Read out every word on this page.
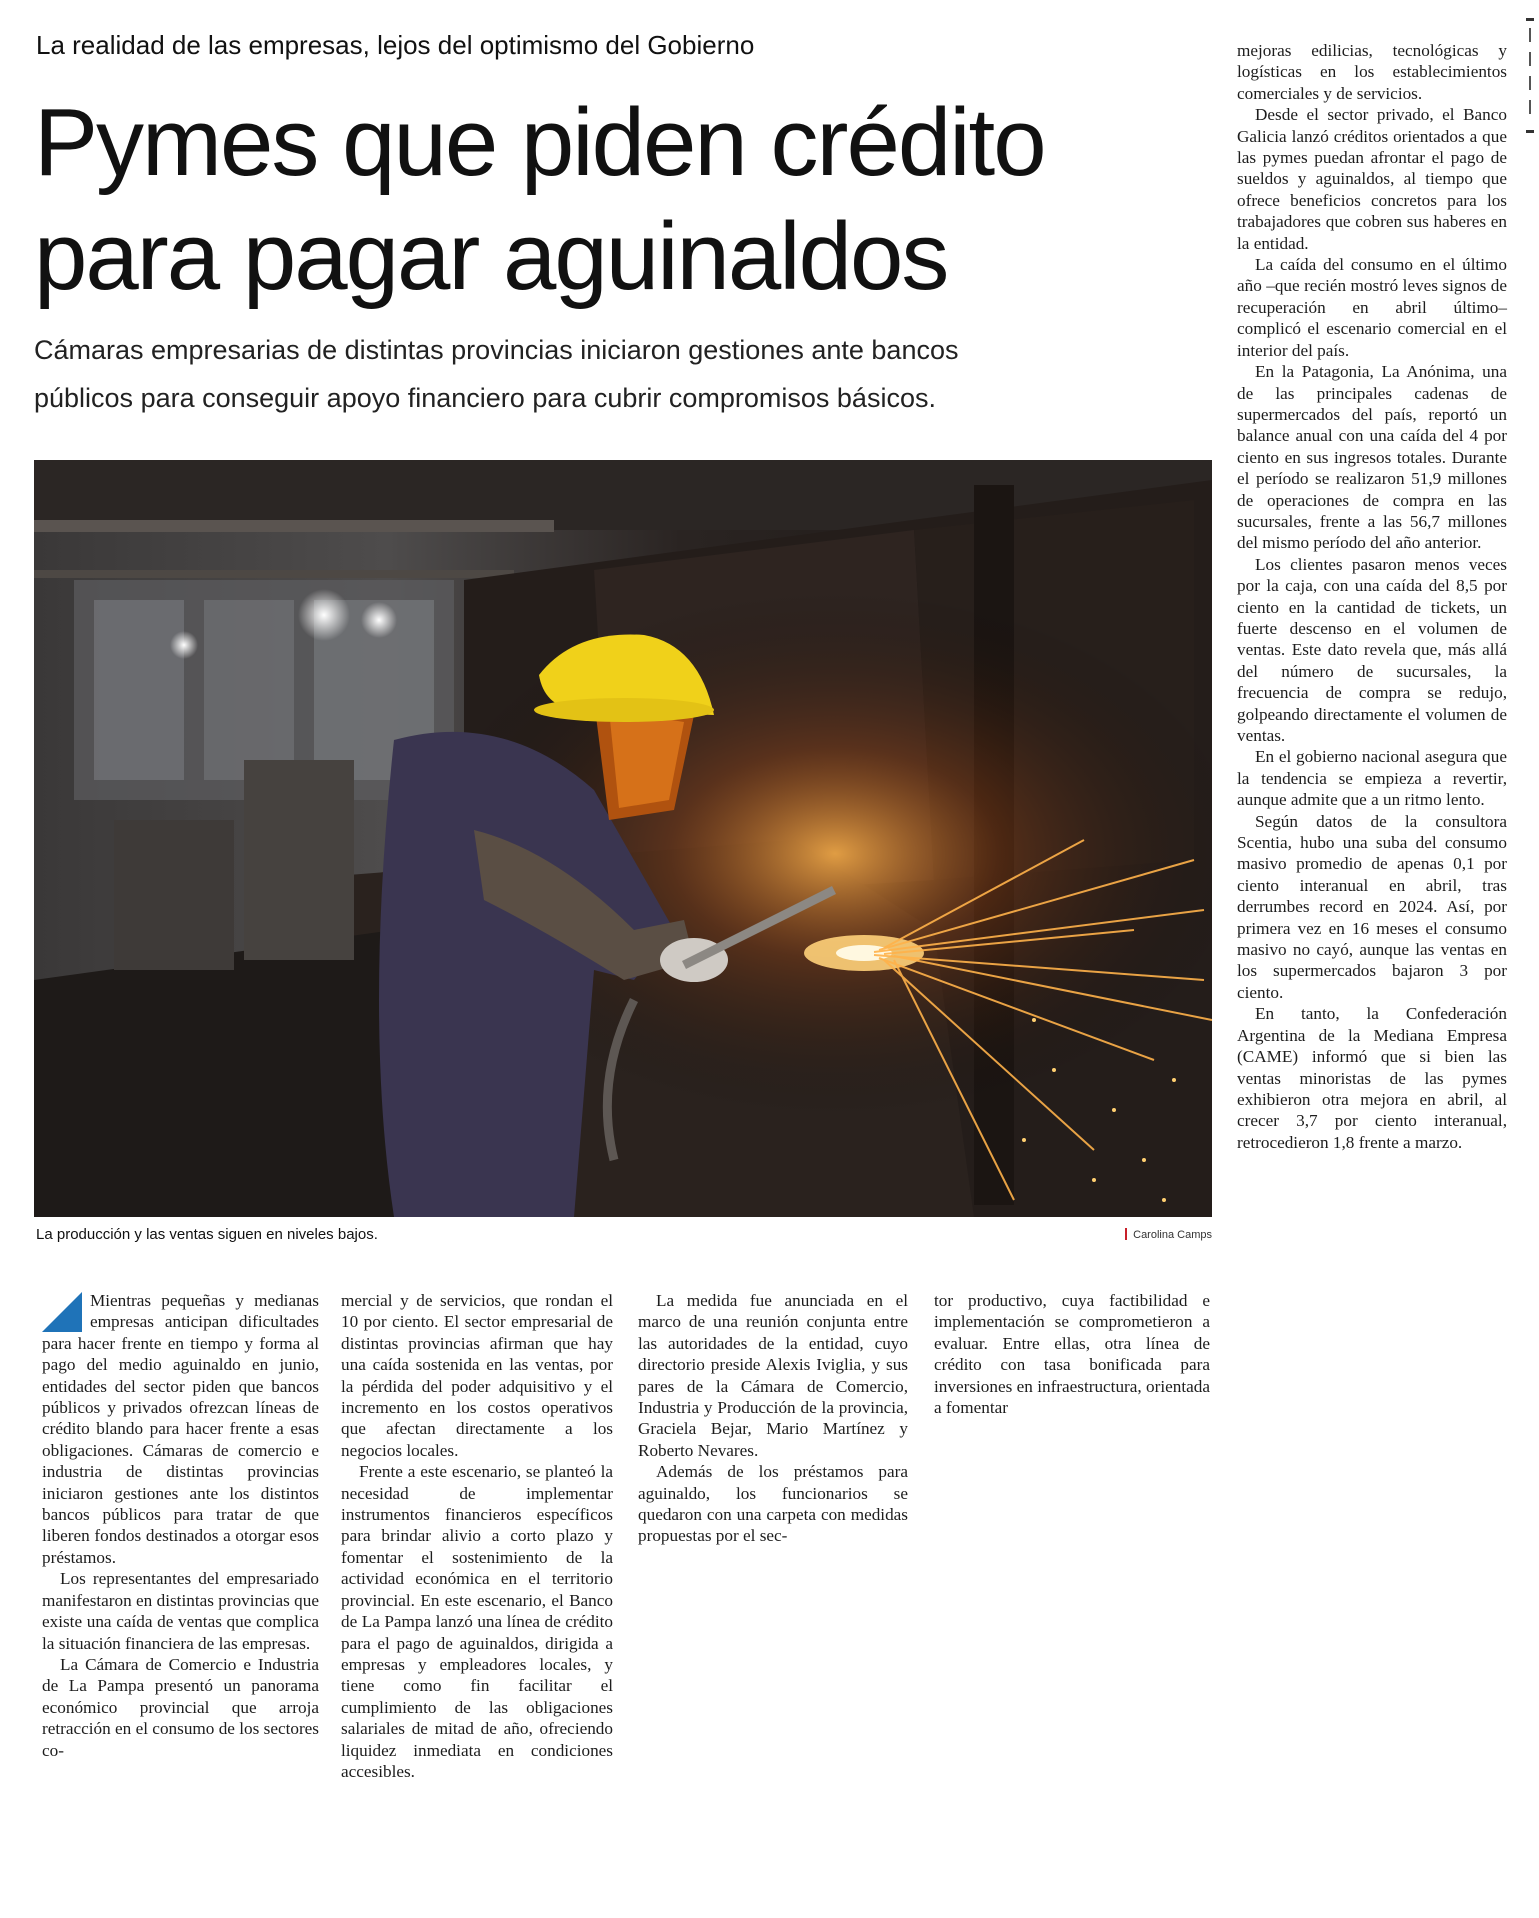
La realidad de las empresas, lejos del optimismo del Gobierno
Pymes que piden crédito
para pagar aguinaldos
Cámaras empresarias de distintas provincias iniciaron gestiones ante bancos
públicos para conseguir apoyo financiero para cubrir compromisos básicos.
La producción y las ventas siguen en niveles bajos.	Carolina Camps

Mientras pequeñas y medianas empresas anticipan dificultades para hacer frente en tiempo y forma al pago del medio aguinaldo en junio, entidades del sector piden que bancos públicos y privados ofrezcan líneas de crédito blando para hacer frente a esas obligaciones. Cámaras de comercio e industria de distintas provincias iniciaron gestiones ante los distintos bancos públicos para tratar de que liberen fondos destinados a otorgar esos préstamos.

Los representantes del empresariado manifestaron en distintas provincias que existe una caída de ventas que complica la situación financiera de las empresas.

La Cámara de Comercio e Industria de La Pampa presentó un panorama económico provincial que arroja retracción en el consumo de los sectores co-

mercial y de servicios, que rondan el 10 por ciento. El sector empresarial de distintas provincias afirman que hay una caída sostenida en las ventas, por la pérdida del poder adquisitivo y el incremento en los costos operativos que afectan directamente a los negocios locales.

Frente a este escenario, se planteó la necesidad de implementar instrumentos financieros específicos para brindar alivio a corto plazo y fomentar el sostenimiento de la actividad económica en el territorio provincial. En este escenario, el Banco de La Pampa lanzó una línea de crédito para el pago de aguinaldos, dirigida a empresas y empleadores locales, y tiene como fin facilitar el cumplimiento de las obligaciones salariales de mitad de año, ofreciendo liquidez inmediata en condiciones accesibles.

La medida fue anunciada en el marco de una reunión conjunta entre las autoridades de la entidad, cuyo directorio preside Alexis Iviglia, y sus pares de la Cámara de Comercio, Industria y Producción de la provincia, Graciela Bejar, Mario Martínez y Roberto Nevares.

Además de los préstamos para aguinaldo, los funcionarios se quedaron con una carpeta con medidas propuestas por el sec-

tor productivo, cuya factibilidad e implementación se comprometieron a evaluar. Entre ellas, otra línea de crédito con tasa bonificada para inversiones en infraestructura, orientada a fomentar

mejoras edilicias, tecnológicas y logísticas en los establecimientos comerciales y de servicios.

Desde el sector privado, el Banco Galicia lanzó créditos orientados a que las pymes puedan afrontar el pago de sueldos y aguinaldos, al tiempo que ofrece beneficios concretos para los trabajadores que cobren sus haberes en la entidad.

La caída del consumo en el último año –que recién mostró leves signos de recuperación en abril último– complicó el escenario comercial en el interior del país.

En la Patagonia, La Anónima, una de las principales cadenas de supermercados del país, reportó un balance anual con una caída del 4 por ciento en sus ingresos totales. Durante el período se realizaron 51,9 millones de operaciones de compra en las sucursales, frente a las 56,7 millones del mismo período del año anterior.

Los clientes pasaron menos veces por la caja, con una caída del 8,5 por ciento en la cantidad de tickets, un fuerte descenso en el volumen de ventas. Este dato revela que, más allá del número de sucursales, la frecuencia de compra se redujo, golpeando directamente el volumen de ventas.

En el gobierno nacional asegura que la tendencia se empieza a revertir, aunque admite que a un ritmo lento.

Según datos de la consultora Scentia, hubo una suba del consumo masivo promedio de apenas 0,1 por ciento interanual en abril, tras derrumbes record en 2024. Así, por primera vez en 16 meses el consumo masivo no cayó, aunque las ventas en los supermercados bajaron 3 por ciento.

En tanto, la Confederación Argentina de la Mediana Empresa (CAME) informó que si bien las ventas minoristas de las pymes exhibieron otra mejora en abril, al crecer 3,7 por ciento interanual, retrocedieron 1,8 frente a marzo.
